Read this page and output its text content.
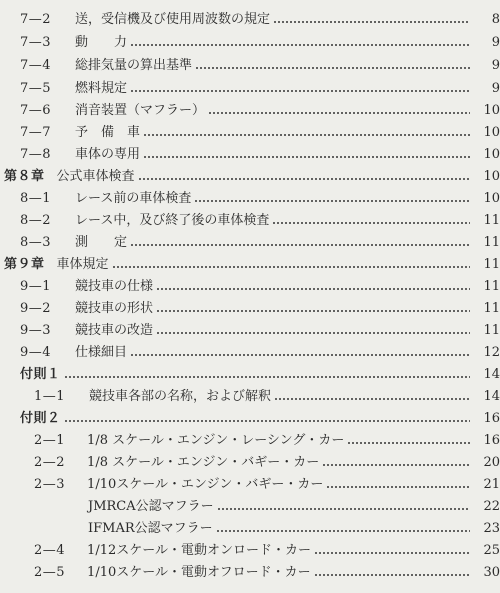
7—2 送，受信機及び使用周波数の規定	8
7—3 動　　力	9
7—4 総排気量の算出基準	9
7—5 燃料規定	9
7—6 消音装置（マフラー）	10
7—7 予　備　車	10
7—8 車体の専用	10
第８章 公式車体検査	10
8—1 レース前の車体検査	10
8—2 レース中，及び終了後の車体検査	11
8—3 測　　定	11
第９章 車体規定	11
9—1 競技車の仕様	11
9—2 競技車の形状	11
9—3 競技車の改造	11
9—4 仕様細目	12
付則１	14
1—1 競技車各部の名称，および解釈	14
付則２	16
2—1 1/8 スケール・エンジン・レーシング・カー	16
2—2 1/8 スケール・エンジン・バギー・カー	20
2—3 1/10スケール・エンジン・バギー・カー	21
JMRCA公認マフラー	22
IFMAR公認マフラー	23
2—4 1/12スケール・電動オンロード・カー	25
2—5 1/10スケール・電動オフロード・カー	30
